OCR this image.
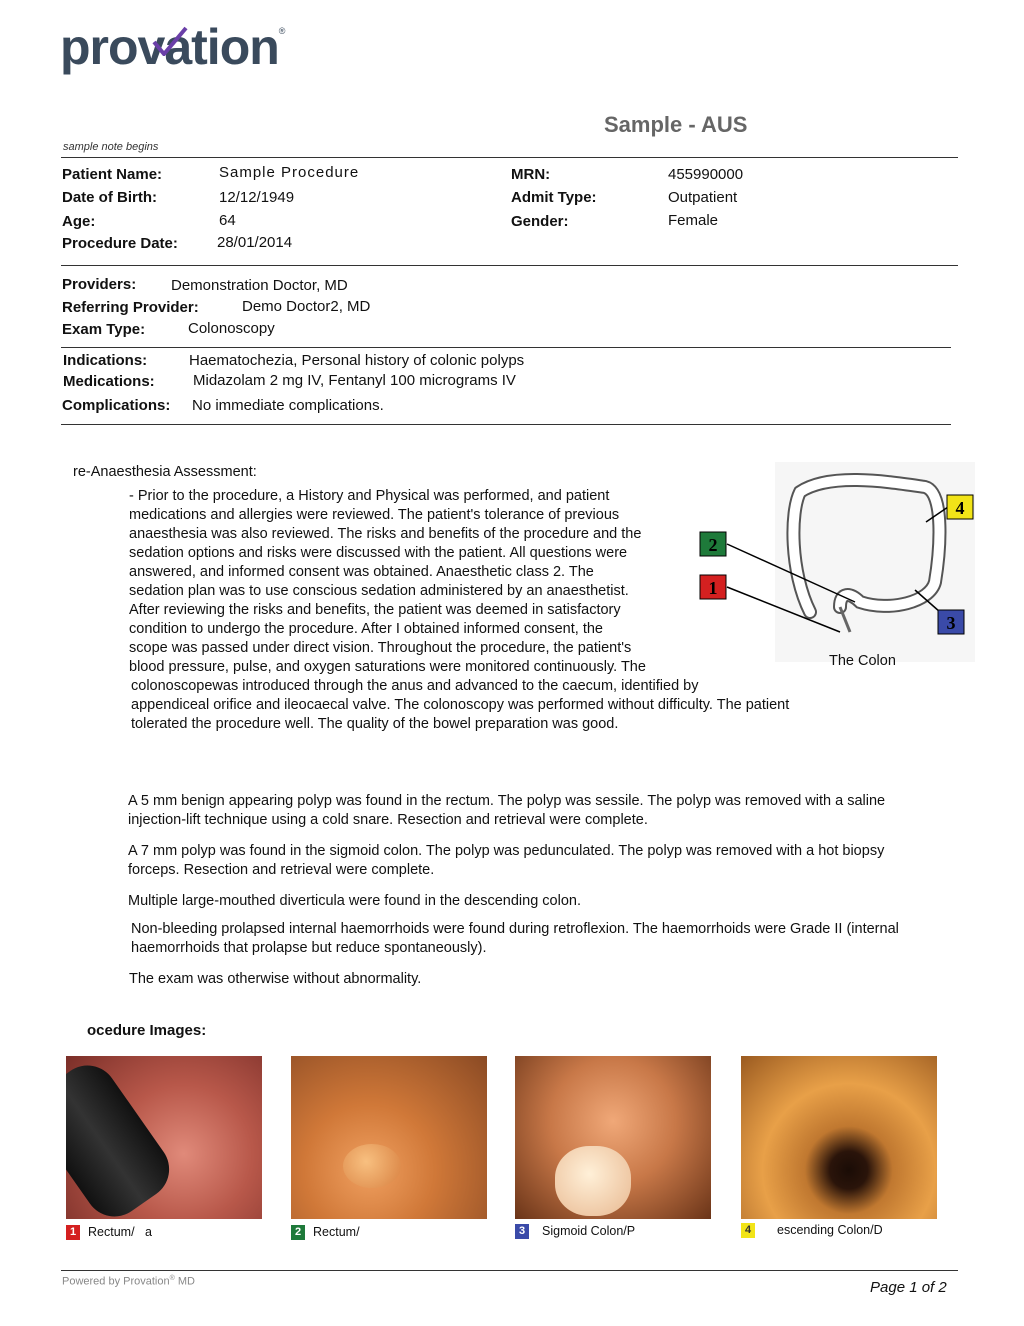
provation®
Sample - AUS
sample note begins
Patient Name:	Sample Procedure
Date of Birth:	12/12/1949
Age:	64
Procedure Date:	28/01/2014
MRN:	455990000
Admit Type:	Outpatient
Gender:	Female
Providers: Demonstration Doctor, MD
Referring Provider:	Demo Doctor2, MD
Exam Type:	Colonoscopy
Indications:	Haematochezia, Personal history of colonic polyps
Medications:	Midazolam 2 mg IV, Fentanyl 100 micrograms IV
Complications: No immediate complications.
re-Anaesthesia Assessment:
- Prior to the procedure, a History and Physical was performed, and patient
medications and allergies were reviewed. The patient's tolerance of previous
anaesthesia was also reviewed. The risks and benefits of the procedure and the
sedation options and risks were discussed with the patient. All questions were
answered, and informed consent was obtained. Anaesthetic class 2. The
sedation plan was to use conscious sedation administered by an anaesthetist.
After reviewing the risks and benefits, the patient was deemed in satisfactory
condition to undergo the procedure. After I obtained informed consent, the
scope was passed under direct vision. Throughout the procedure, the patient's
blood pressure, pulse, and oxygen saturations were monitored continuously. The
colonoscopewas introduced through the anus and advanced to the caecum, identified by
appendiceal orifice and ileocaecal valve. The colonoscopy was performed without difficulty. The patient
tolerated the procedure well. The quality of the bowel preparation was good.
2
1
4
3
The Colon
A 5 mm benign appearing polyp was found in the rectum. The polyp was sessile. The polyp was removed with a saline
injection-lift technique using a cold snare. Resection and retrieval were complete.
A 7 mm polyp was found in the sigmoid colon. The polyp was pedunculated. The polyp was removed with a hot biopsy
forceps. Resection and retrieval were complete.
Multiple large-mouthed diverticula were found in the descending colon.
Non-bleeding prolapsed internal haemorrhoids were found during retroflexion. The haemorrhoids were Grade II (internal
haemorrhoids that prolapse but reduce spontaneously).
The exam was otherwise without abnormality.
ocedure Images:
1 Rectum/   a	2 Rectum/	3 Sigmoid Colon/P	4 escending Colon/D
Powered by Provation® MD	Page 1 of 2
